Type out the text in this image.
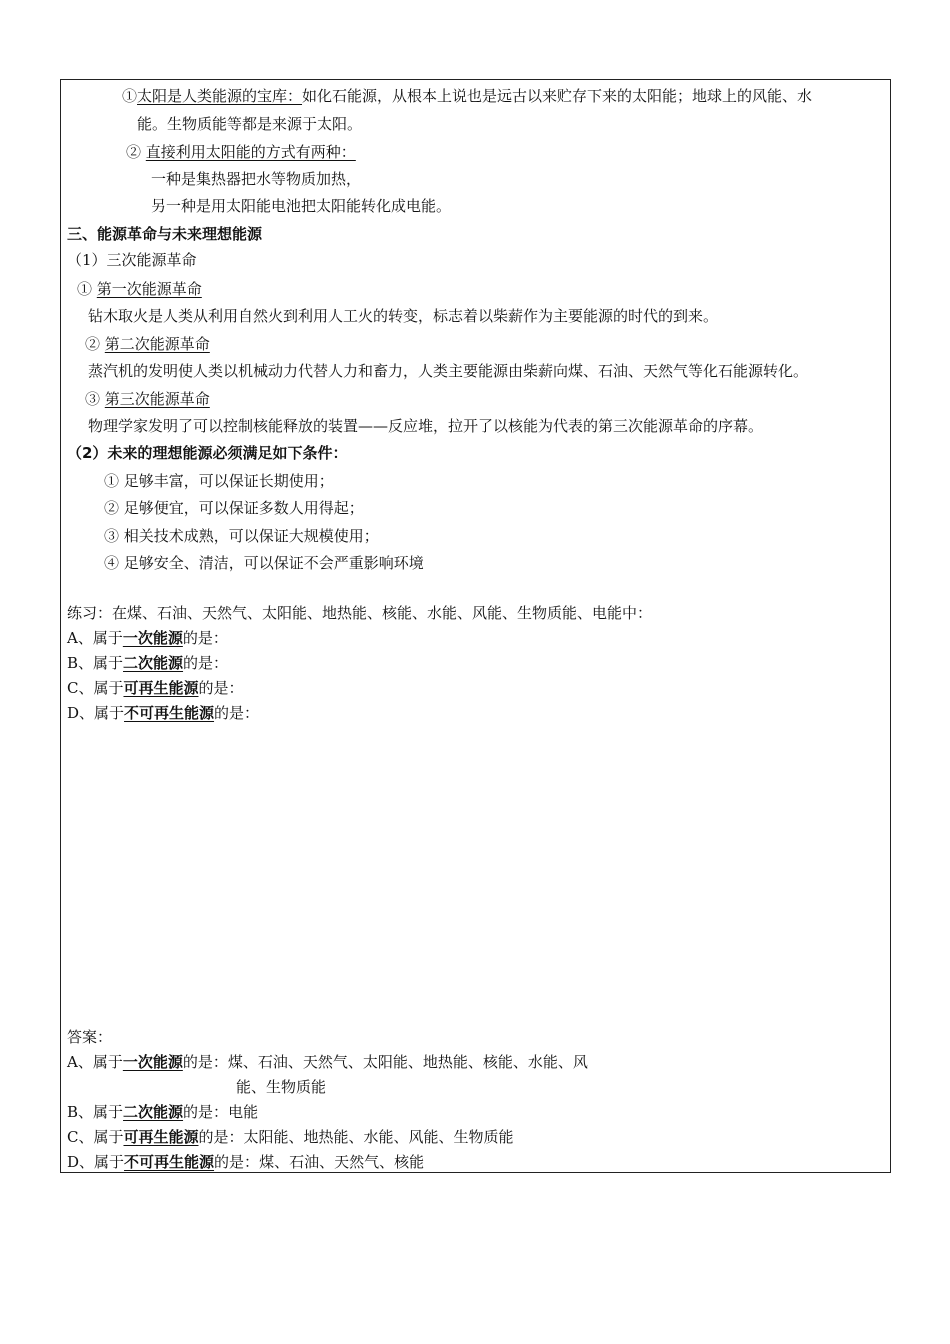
①太阳是人类能源的宝库：如化石能源，从根本上说也是远古以来贮存下来的太阳能；地球上的风能、水
能。生物质能等都是来源于太阳。
② 直接利用太阳能的方式有两种：
一种是集热器把水等物质加热，
另一种是用太阳能电池把太阳能转化成电能。
三、能源革命与未来理想能源
（1）三次能源革命
① 第一次能源革命
钻木取火是人类从利用自然火到利用人工火的转变，标志着以柴薪作为主要能源的时代的到来。
② 第二次能源革命
蒸汽机的发明使人类以机械动力代替人力和畜力，人类主要能源由柴薪向煤、石油、天然气等化石能源转化。
③ 第三次能源革命
物理学家发明了可以控制核能释放的装置——反应堆，拉开了以核能为代表的第三次能源革命的序幕。
（2）未来的理想能源必须满足如下条件：
① 足够丰富，可以保证长期使用；
② 足够便宜，可以保证多数人用得起；
③ 相关技术成熟，可以保证大规模使用；
④ 足够安全、清洁，可以保证不会严重影响环境
练习：在煤、石油、天然气、太阳能、地热能、核能、水能、风能、生物质能、电能中：
A、属于一次能源的是：
B、属于二次能源的是：
C、属于可再生能源的是：
D、属于不可再生能源的是：
答案：
A、属于一次能源的是：煤、石油、天然气、太阳能、地热能、核能、水能、风
能、生物质能
B、属于二次能源的是：电能
C、属于可再生能源的是：太阳能、地热能、水能、风能、生物质能
D、属于不可再生能源的是：煤、石油、天然气、核能
